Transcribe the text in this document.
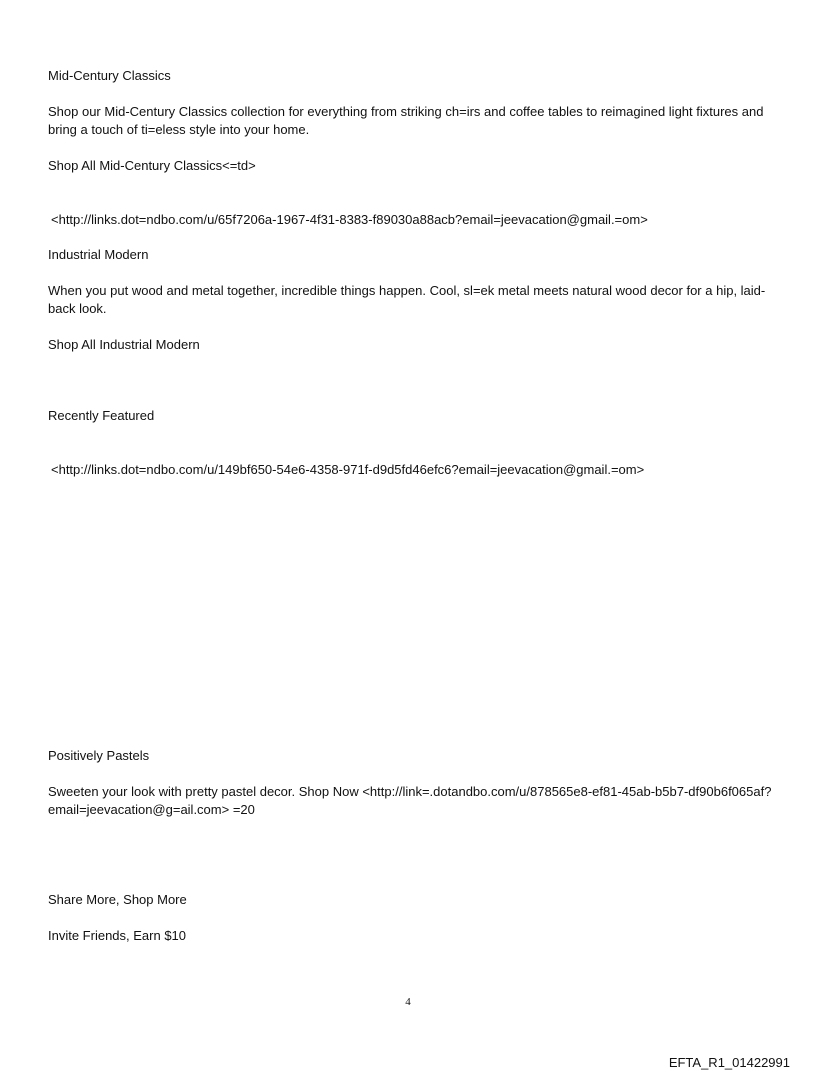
Mid-Century Classics

Shop our Mid-Century Classics collection for everything from striking ch=irs and coffee tables to reimagined light fixtures and bring a touch of ti=eless style into your home.

Shop All Mid-Century Classics<=td>

<http://links.dot=ndbo.com/u/65f7206a-1967-4f31-8383-f89030a88acb?email=jeevacation@gmail.=om>

Industrial Modern

When you put wood and metal together, incredible things happen. Cool, sl=ek metal meets natural wood decor for a hip, laid-back look.

Shop All Industrial Modern

Recently Featured

<http://links.dot=ndbo.com/u/149bf650-54e6-4358-971f-d9d5fd46efc6?email=jeevacation@gmail.=om>

Positively Pastels

Sweeten your look with pretty pastel decor. Shop Now <http://link=.dotandbo.com/u/878565e8-ef81-45ab-b5b7-df90b6f065af?email=jeevacation@g=ail.com> =20

Share More, Shop More

Invite Friends, Earn $10

4
EFTA_R1_01422991
